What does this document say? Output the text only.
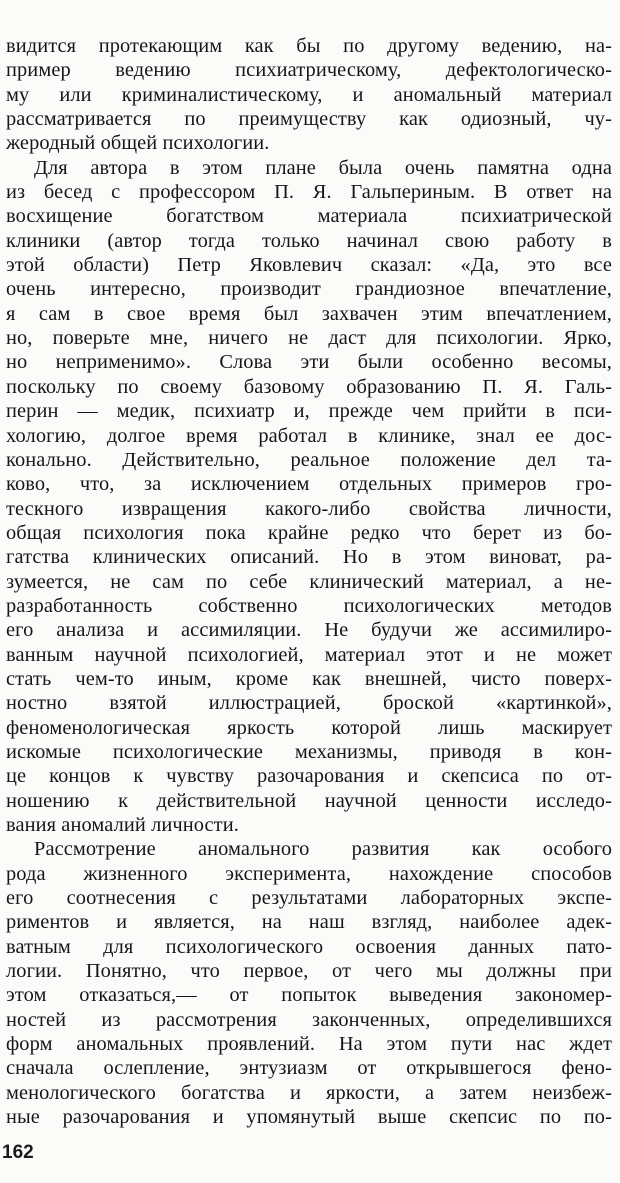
видится протекающим как бы по другому ведению, на-
пример ведению психиатрическому, дефектологическо-
му или криминалистическому, и аномальный материал
рассматривается по преимуществу как одиозный, чу-
жеродный общей психологии.
Для автора в этом плане была очень памятна одна
из бесед с профессором П. Я. Гальпериным. В ответ на
восхищение богатством материала психиатрической
клиники (автор тогда только начинал свою работу в
этой области) Петр Яковлевич сказал: «Да, это все
очень интересно, производит грандиозное впечатление,
я сам в свое время был захвачен этим впечатлением,
но, поверьте мне, ничего не даст для психологии. Ярко,
но неприменимо». Слова эти были особенно весомы,
поскольку по своему базовому образованию П. Я. Галь-
перин — медик, психиатр и, прежде чем прийти в пси-
хологию, долгое время работал в клинике, знал ее дос-
конально. Действительно, реальное положение дел та-
ково, что, за исключением отдельных примеров гро-
тескного извращения какого-либо свойства личности,
общая психология пока крайне редко что берет из бо-
гатства клинических описаний. Но в этом виноват, ра-
зумеется, не сам по себе клинический материал, а не-
разработанность собственно психологических методов
его анализа и ассимиляции. Не будучи же ассимилиро-
ванным научной психологией, материал этот и не может
стать чем-то иным, кроме как внешней, чисто поверх-
ностно взятой иллюстрацией, броской «картинкой»,
феноменологическая яркость которой лишь маскирует
искомые психологические механизмы, приводя в кон-
це концов к чувству разочарования и скепсиса по от-
ношению к действительной научной ценности исследо-
вания аномалий личности.
Рассмотрение аномального развития как особого
рода жизненного эксперимента, нахождение способов
его соотнесения с результатами лабораторных экспе-
риментов и является, на наш взгляд, наиболее адек-
ватным для психологического освоения данных пато-
логии. Понятно, что первое, от чего мы должны при
этом отказаться,— от попыток выведения закономер-
ностей из рассмотрения законченных, определившихся
форм аномальных проявлений. На этом пути нас ждет
сначала ослепление, энтузиазм от открывшегося фено-
менологического богатства и яркости, а затем неизбеж-
ные разочарования и упомянутый выше скепсис по по-
162
